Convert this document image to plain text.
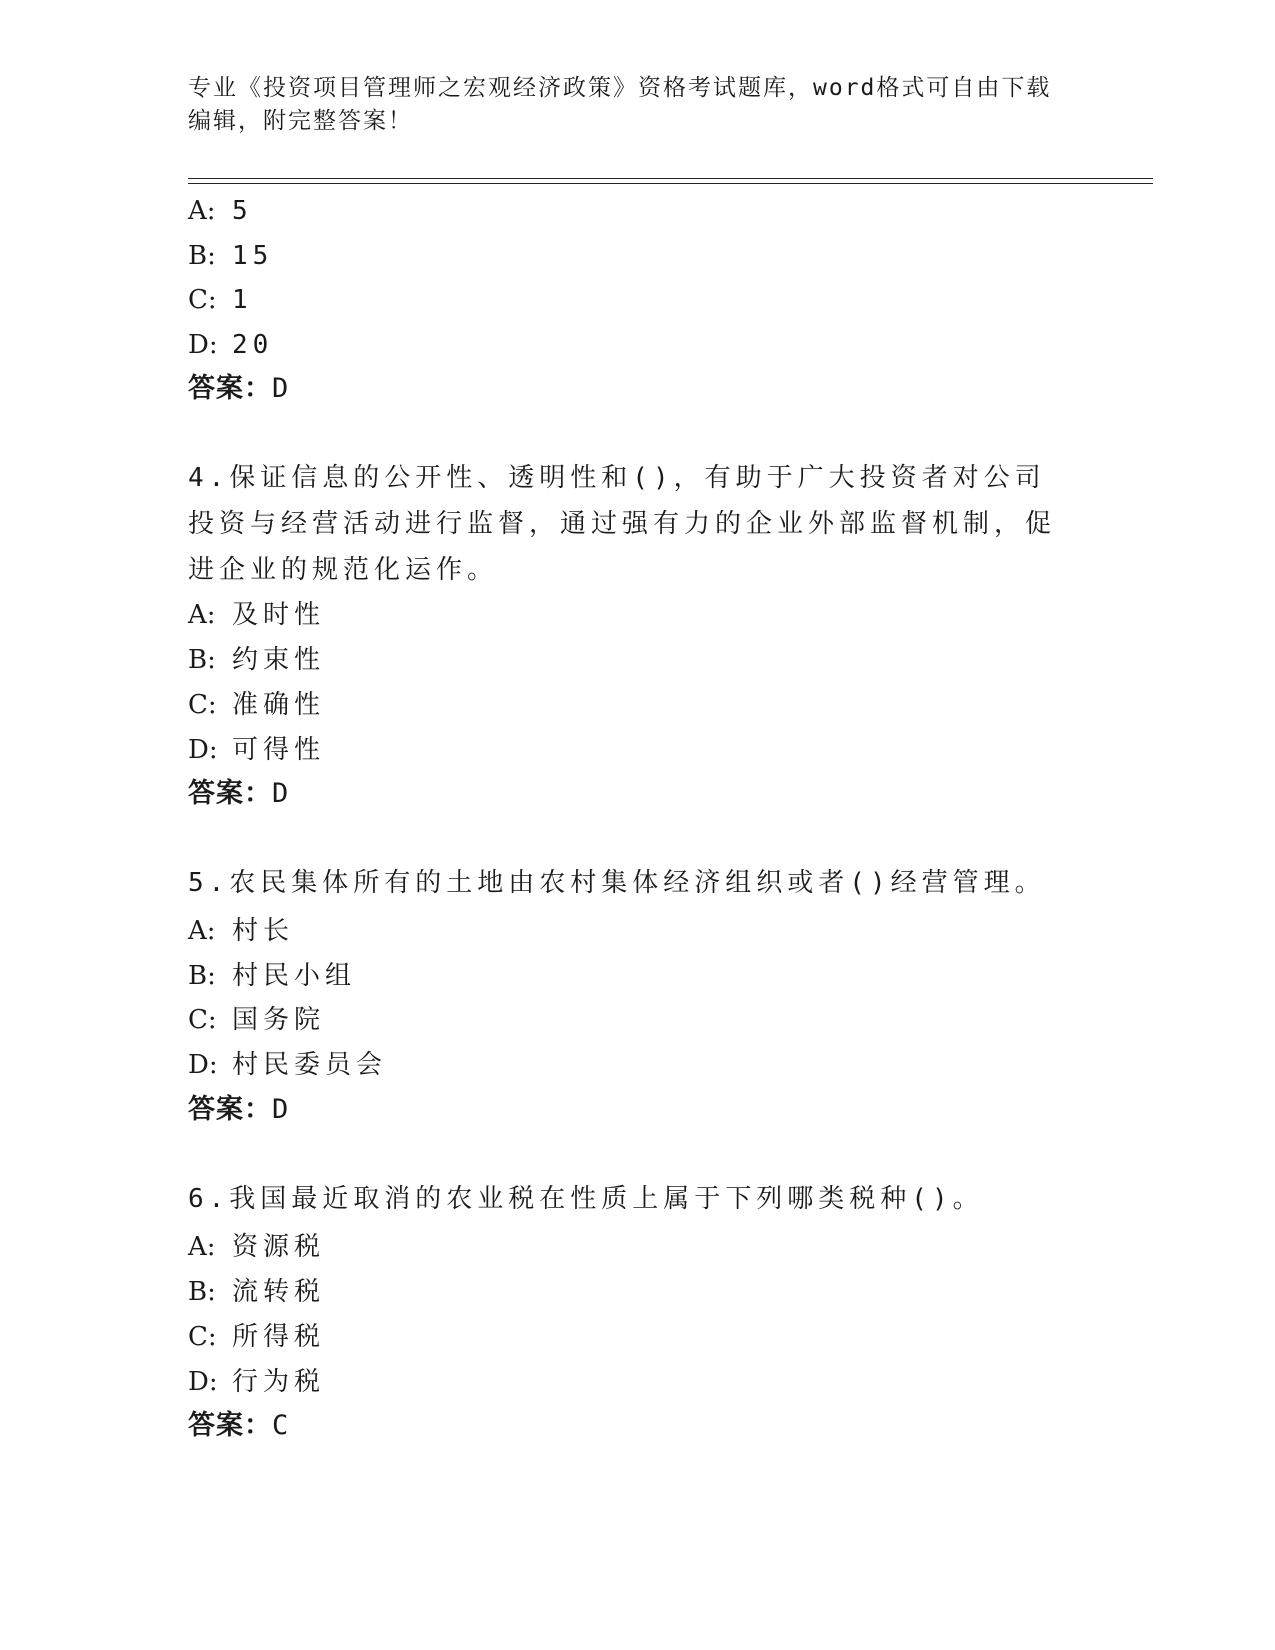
专业《投资项目管理师之宏观经济政策》资格考试题库，word格式可自由下载编辑，附完整答案！
A: 5
B: 15
C: 1
D: 20
答案：D
4.保证信息的公开性、透明性和()，有助于广大投资者对公司投资与经营活动进行监督，通过强有力的企业外部监督机制，促进企业的规范化运作。
A: 及时性
B: 约束性
C: 准确性
D: 可得性
答案：D
5.农民集体所有的土地由农村集体经济组织或者()经营管理。
A: 村长
B: 村民小组
C: 国务院
D: 村民委员会
答案：D
6.我国最近取消的农业税在性质上属于下列哪类税种()。
A: 资源税
B: 流转税
C: 所得税
D: 行为税
答案：C
